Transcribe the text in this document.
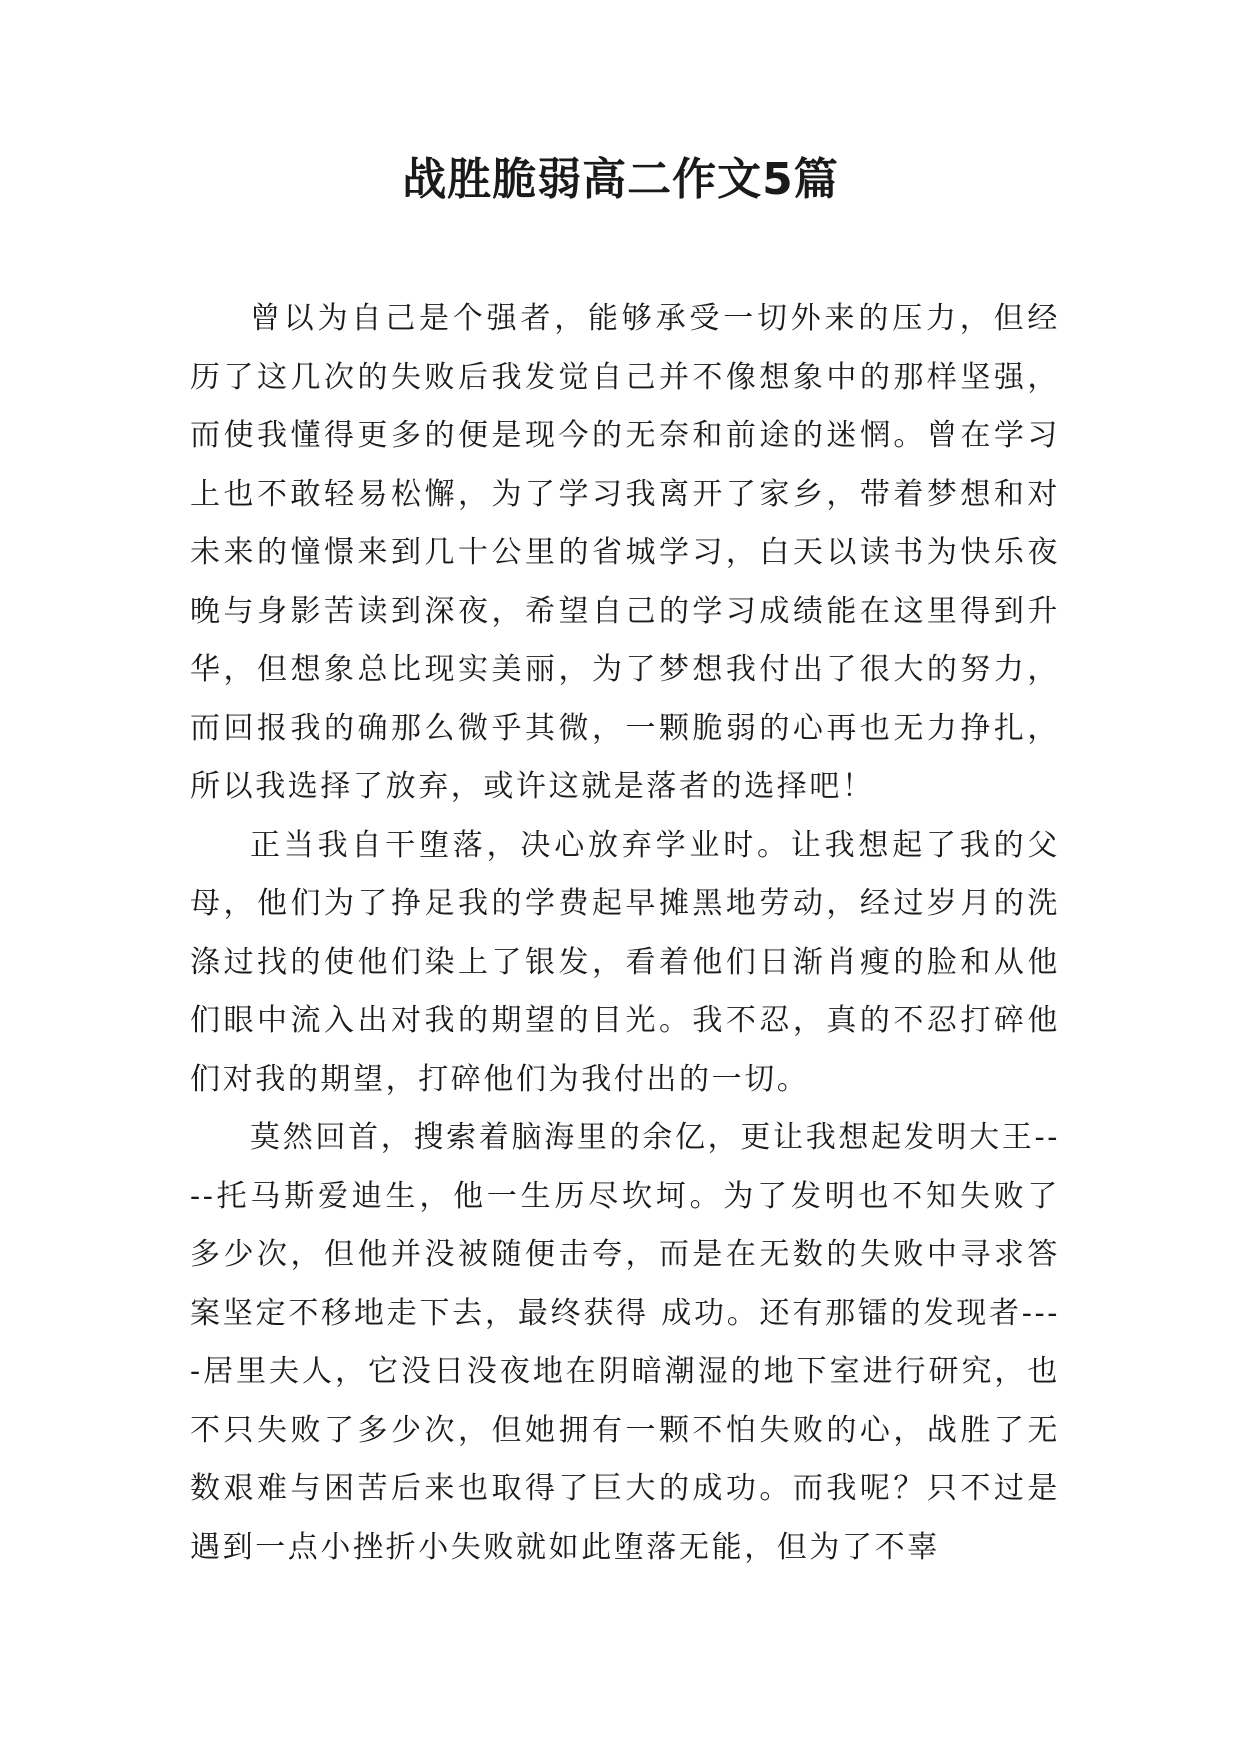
战胜脆弱高二作文5篇

曾以为自己是个强者，能够承受一切外来的压力，但经历了这几次的失败后我发觉自己并不像想象中的那样坚强，而使我懂得更多的便是现今的无奈和前途的迷惘。曾在学习上也不敢轻易松懈，为了学习我离开了家乡，带着梦想和对未来的憧憬来到几十公里的省城学习，白天以读书为快乐夜晚与身影苦读到深夜，希望自己的学习成绩能在这里得到升华，但想象总比现实美丽，为了梦想我付出了很大的努力，而回报我的确那么微乎其微，一颗脆弱的心再也无力挣扎，所以我选择了放弃，或许这就是落者的选择吧！

正当我自干堕落，决心放弃学业时。让我想起了我的父母，他们为了挣足我的学费起早摊黑地劳动，经过岁月的洗涤过找的使他们染上了银发，看着他们日渐肖瘦的脸和从他们眼中流入出对我的期望的目光。我不忍，真的不忍打碎他们对我的期望，打碎他们为我付出的一切。

莫然回首，搜索着脑海里的余亿，更让我想起发明大王----托马斯爱迪生，他一生历尽坎坷。为了发明也不知失败了多少次，但他并没被随便击夸，而是在无数的失败中寻求答案坚定不移地走下去，最终获得 成功。还有那镭的发现者----居里夫人，它没日没夜地在阴暗潮湿的地下室进行研究，也不只失败了多少次，但她拥有一颗不怕失败的心，战胜了无数艰难与困苦后来也取得了巨大的成功。而我呢？只不过是遇到一点小挫折小失败就如此堕落无能，但为了不辜
